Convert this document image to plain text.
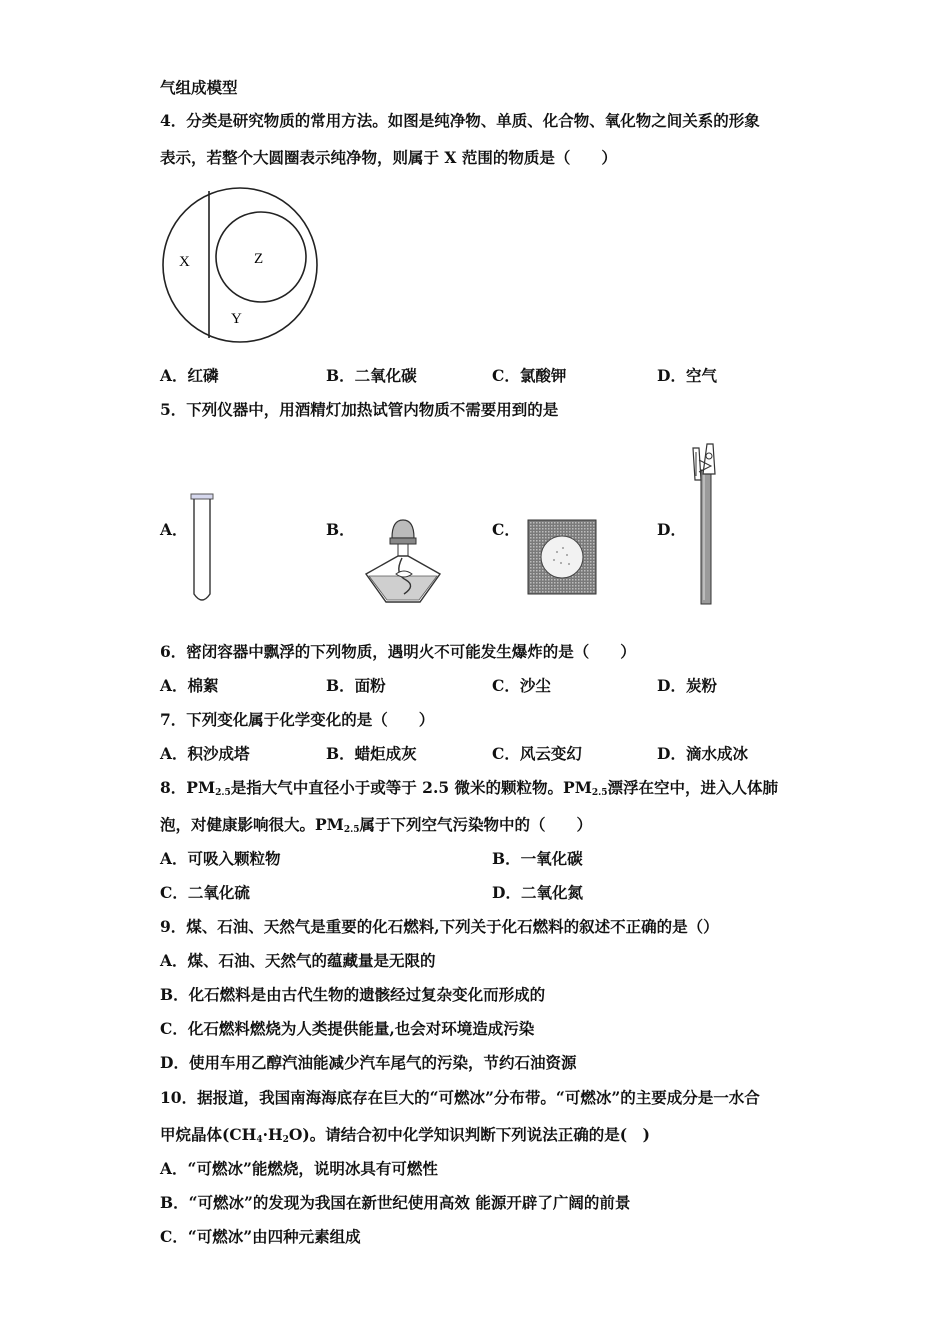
气组成模型
4．分类是研究物质的常用方法。如图是纯净物、单质、化合物、氧化物之间关系的形象
表示，若整个大圆圈表示纯净物，则属于 X 范围的物质是（　　）
X	Z
Y
A．红磷	B．二氧化碳	C．氯酸钾	D．空气
5．下列仪器中，用酒精灯加热试管内物质不需要用到的是
A．	B．	C．	D．
6．密闭容器中飘浮的下列物质，遇明火不可能发生爆炸的是（　　）
A．棉絮	B．面粉	C．沙尘	D．炭粉
7．下列变化属于化学变化的是（　　）
A．积沙成塔	B．蜡炬成灰	C．风云变幻	D．滴水成冰
8．$PM_{2.5}$是指大气中直径小于或等于 2.5 微米的颗粒物。$PM_{2.5}$漂浮在空中，进入人体肺
泡，对健康影响很大。$PM_{2.5}$属于下列空气污染物中的（　　）
A．可吸入颗粒物	B．一氧化碳
C．二氧化硫	D．二氧化氮
9．煤、石油、天然气是重要的化石燃料,下列关于化石燃料的叙述不正确的是（）
A．煤、石油、天然气的蕴藏量是无限的
B．化石燃料是由古代生物的遗骸经过复杂变化而形成的
C．化石燃料燃烧为人类提供能量,也会对环境造成污染
D．使用车用乙醇汽油能减少汽车尾气的污染，节约石油资源
10．据报道，我国南海海底存在巨大的“可燃冰”分布带。“可燃冰”的主要成分是一水合
甲烷晶体$(CH_4\cdot H_2O)$。请结合初中化学知识判断下列说法正确的是(　)
A．“可燃冰”能燃烧，说明冰具有可燃性
B．“可燃冰”的发现为我国在新世纪使用高效 能源开辟了广阔的前景
C．“可燃冰”由四种元素组成
